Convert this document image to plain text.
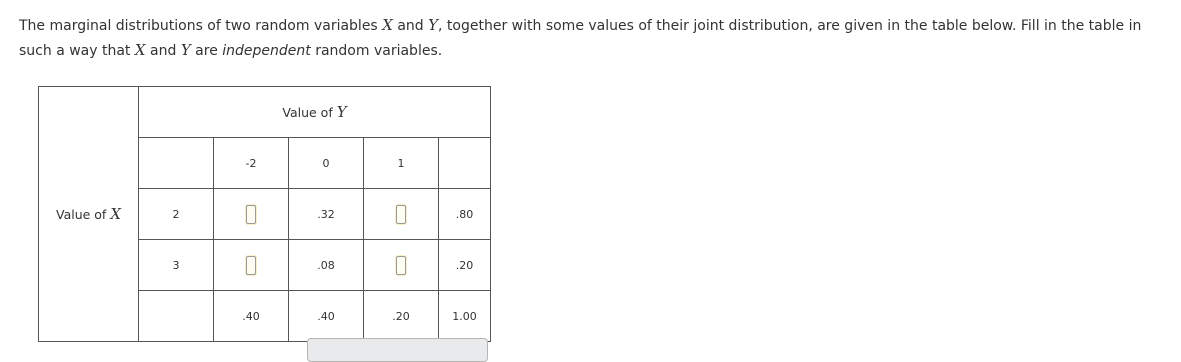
The marginal distributions of two random variables X and Y, together with some values of their joint distribution, are given in the table below. Fill in the table in such a way that X and Y are independent random variables.
Value of X	Value of Y				
		-2	0	1	
	2		.32		.80
	3		.08		.20
		.40	.40	.20	1.00
